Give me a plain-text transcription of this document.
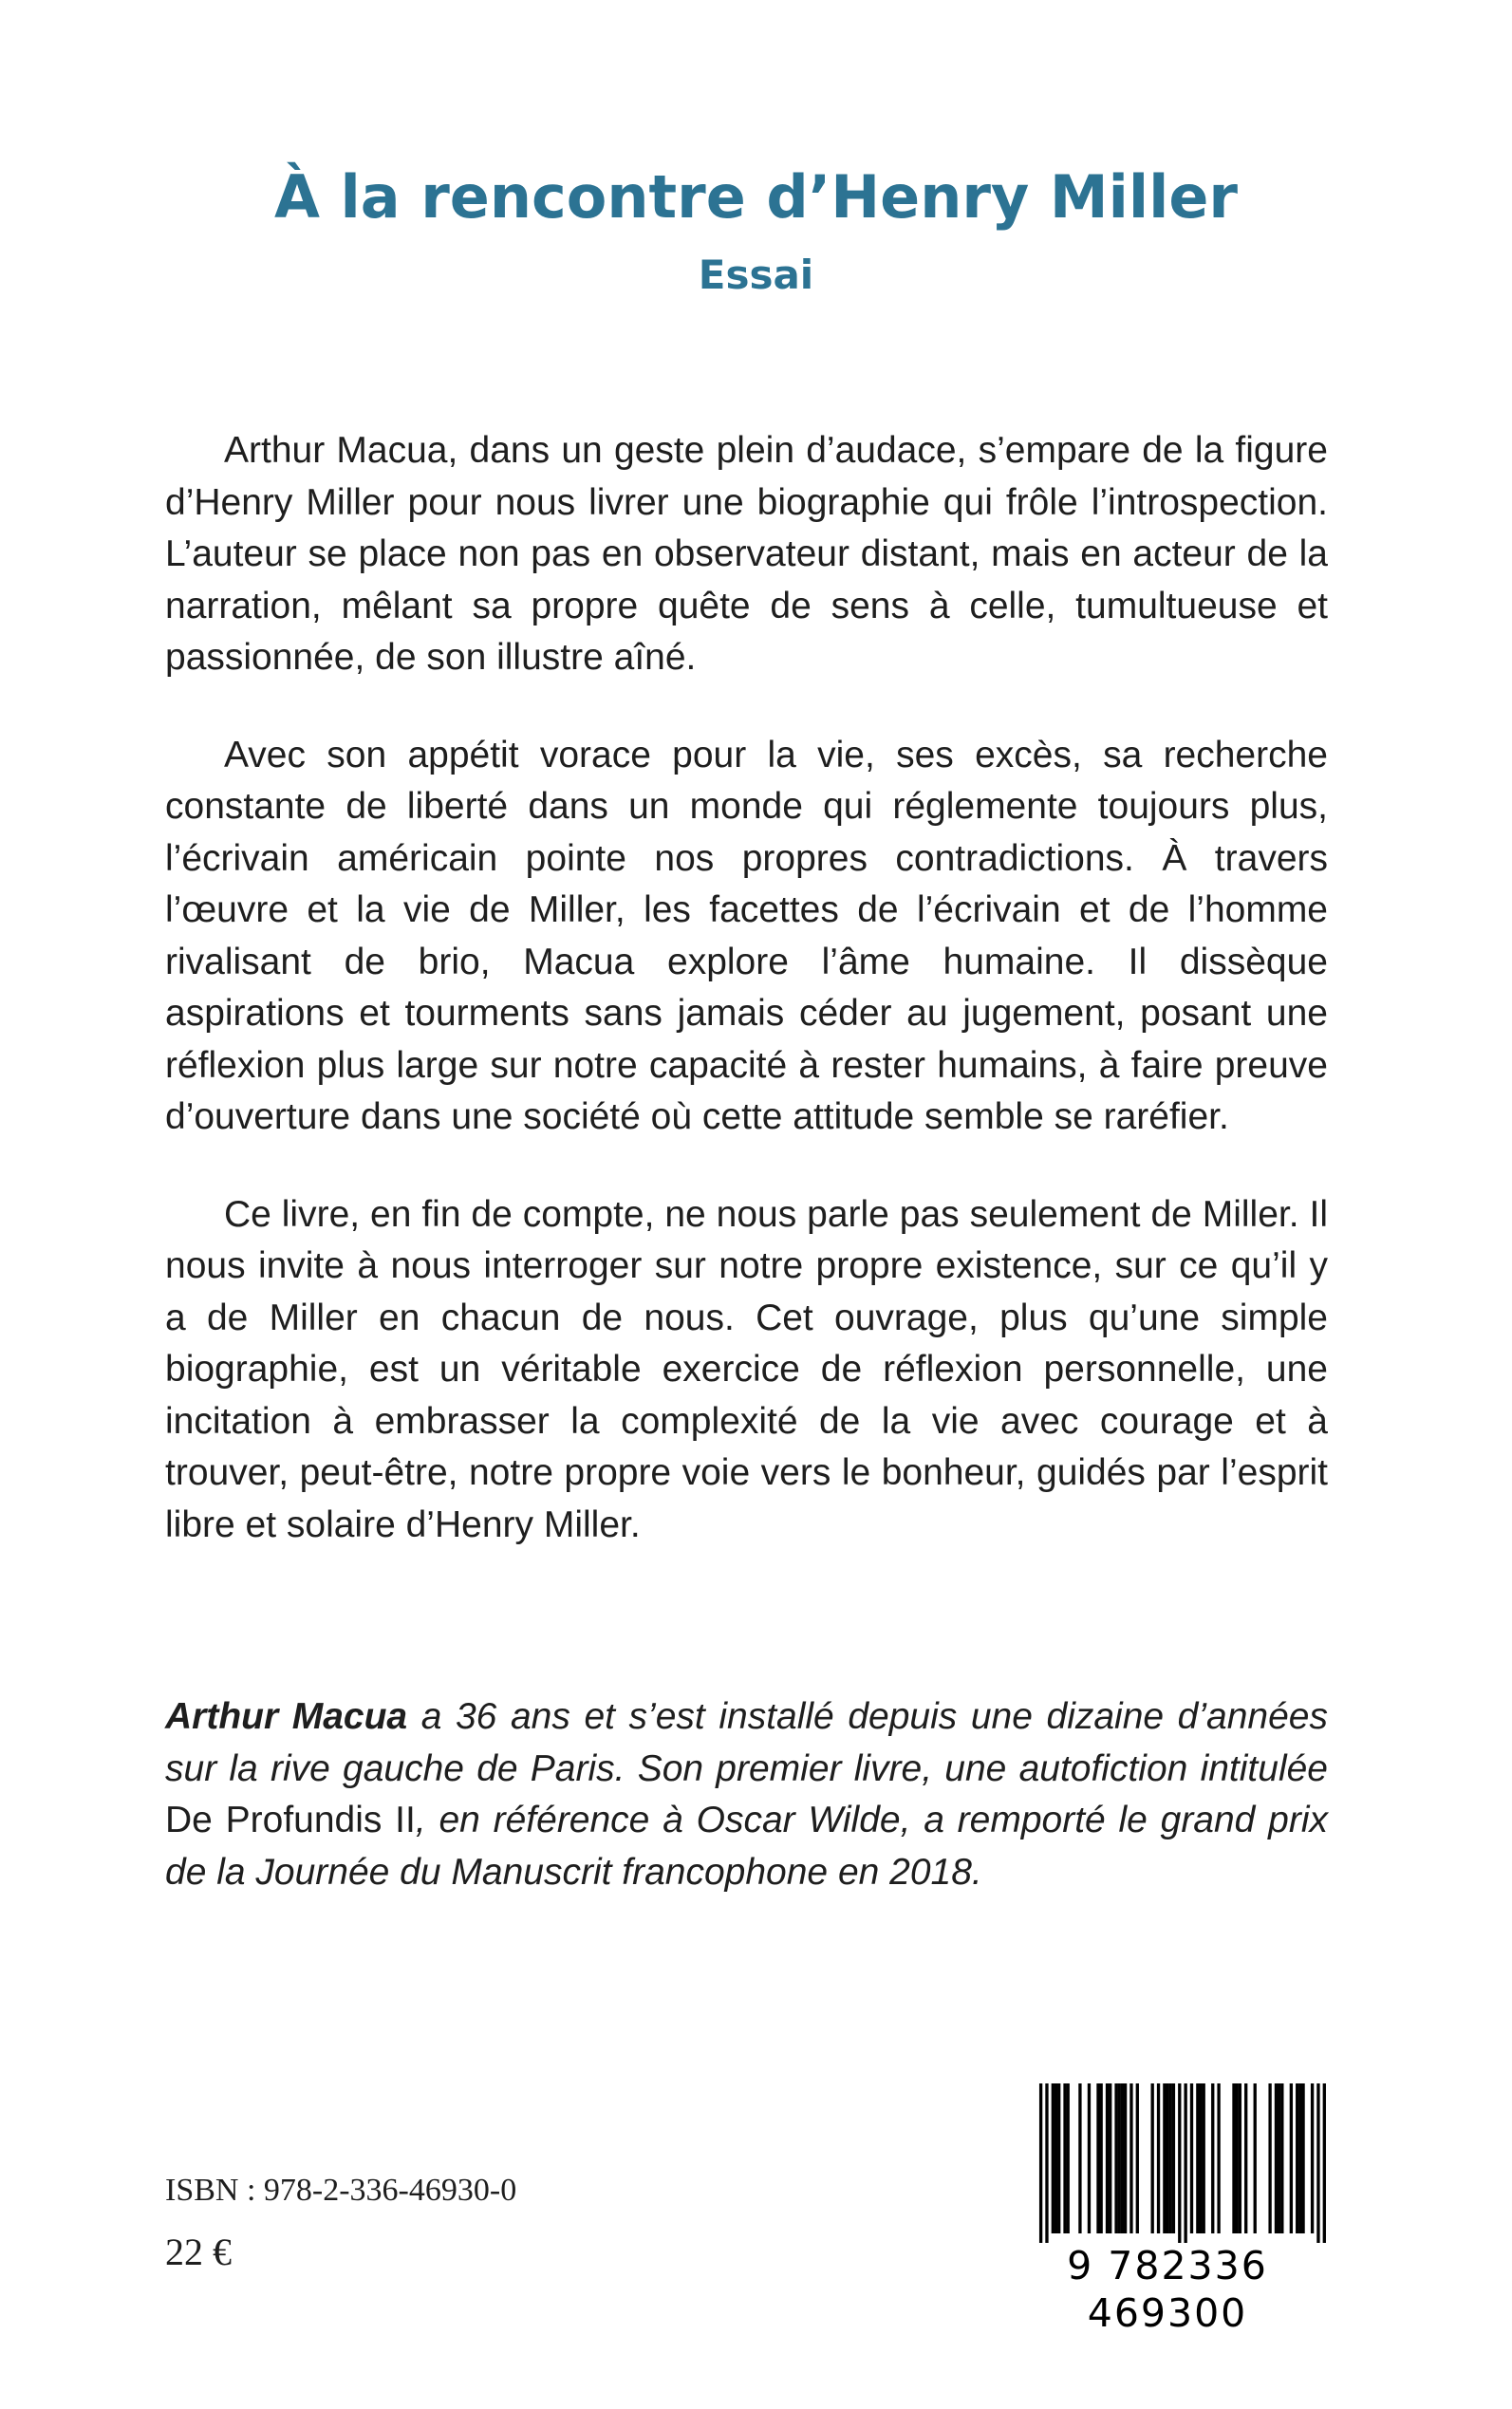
À la rencontre d’Henry Miller
Essai

Arthur Macua, dans un geste plein d’audace, s’empare de la figure d’Henry Miller pour nous livrer une biographie qui frôle l’introspection. L’auteur se place non pas en observateur distant, mais en acteur de la narration, mêlant sa propre quête de sens à celle, tumultueuse et passionnée, de son illustre aîné.

Avec son appétit vorace pour la vie, ses excès, sa recherche constante de liberté dans un monde qui réglemente toujours plus, l’écrivain américain pointe nos propres contradictions. À travers l’œuvre et la vie de Miller, les facettes de l’écrivain et de l’homme rivalisant de brio, Macua explore l’âme humaine. Il dissèque aspirations et tourments sans jamais céder au jugement, posant une réflexion plus large sur notre capacité à rester humains, à faire preuve d’ouverture dans une société où cette attitude semble se raréfier.

Ce livre, en fin de compte, ne nous parle pas seulement de Miller. Il nous invite à nous interroger sur notre propre existence, sur ce qu’il y a de Miller en chacun de nous. Cet ouvrage, plus qu’une simple biographie, est un véritable exercice de réflexion personnelle, une incitation à embrasser la complexité de la vie avec courage et à trouver, peut-être, notre propre voie vers le bonheur, guidés par l’esprit libre et solaire d’Henry Miller.

Arthur Macua a 36 ans et s’est installé depuis une dizaine d’années sur la rive gauche de Paris. Son premier livre, une autofiction intitulée De Profundis II, en référence à Oscar Wilde, a remporté le grand prix de la Journée du Manuscrit francophone en 2018.

ISBN : 978-2-336-46930-0

22 €	9 782336 469300
